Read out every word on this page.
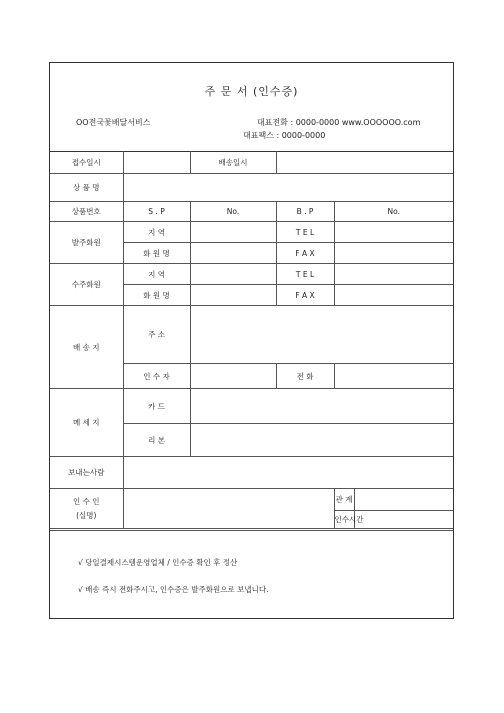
주 문 서 (인수증)
OO전국꽃배달서비스	대표전화 : 0000-0000 www.OOOOOO.com
대표팩스 : 0000-0000
접수일시		배송일시			
상 품 명					
상품번호	S . P	No.	B . P	No.	
발주화원	지 역		T E L		
	화 원 명		F A X		
수주화원	지 역		T E L		
	화 원 명		F A X		
배 송 지	주 소				
	인 수 자		전 화		
메 세 지	카 드				
	리 본				
보내는사람					

인 수 인
(실명)				관 계	
				인수시간	
√ 당일결제시스템운영업체 / 인수증 확인 후 정산
√ 배송 즉시 전화주시고, 인수증은 발주화원으로 보냅니다.
